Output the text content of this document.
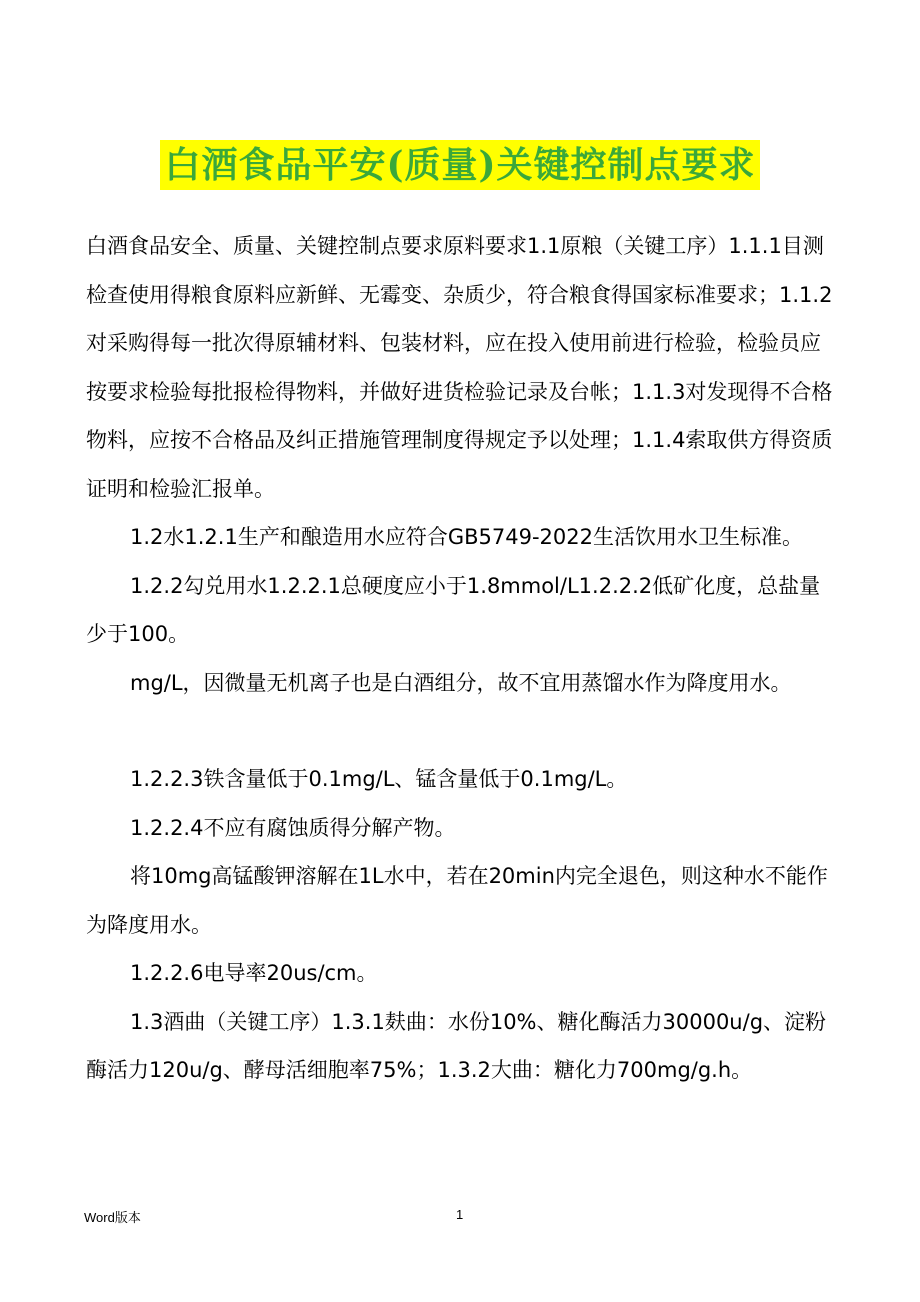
白酒食品平安(质量)关键控制点要求

白酒食品安全、质量、关键控制点要求原料要求1.1原粮（关键工序）1.1.1目测检查使用得粮食原料应新鲜、无霉变、杂质少，符合粮食得国家标准要求；1.1.2对采购得每一批次得原辅材料、包装材料，应在投入使用前进行检验，检验员应按要求检验每批报检得物料，并做好进货检验记录及台帐；1.1.3对发现得不合格物料，应按不合格品及纠正措施管理制度得规定予以处理；1.1.4索取供方得资质证明和检验汇报单。

1.2水1.2.1生产和酿造用水应符合GB5749-2022生活饮用水卫生标准。

1.2.2勾兑用水1.2.2.1总硬度应小于1.8mmol/L1.2.2.2低矿化度，总盐量少于100。

mg/L，因微量无机离子也是白酒组分，故不宜用蒸馏水作为降度用水。

1.2.2.3铁含量低于0.1mg/L、锰含量低于0.1mg/L。

1.2.2.4不应有腐蚀质得分解产物。

将10mg高锰酸钾溶解在1L水中，若在20min内完全退色，则这种水不能作为降度用水。

1.2.2.6电导率20us/cm。

1.3酒曲（关键工序）1.3.1麸曲：水份10%、糖化酶活力30000u/g、淀粉酶活力120u/g、酵母活细胞率75%；1.3.2大曲：糖化力700mg/g.h。

Word版本	1
